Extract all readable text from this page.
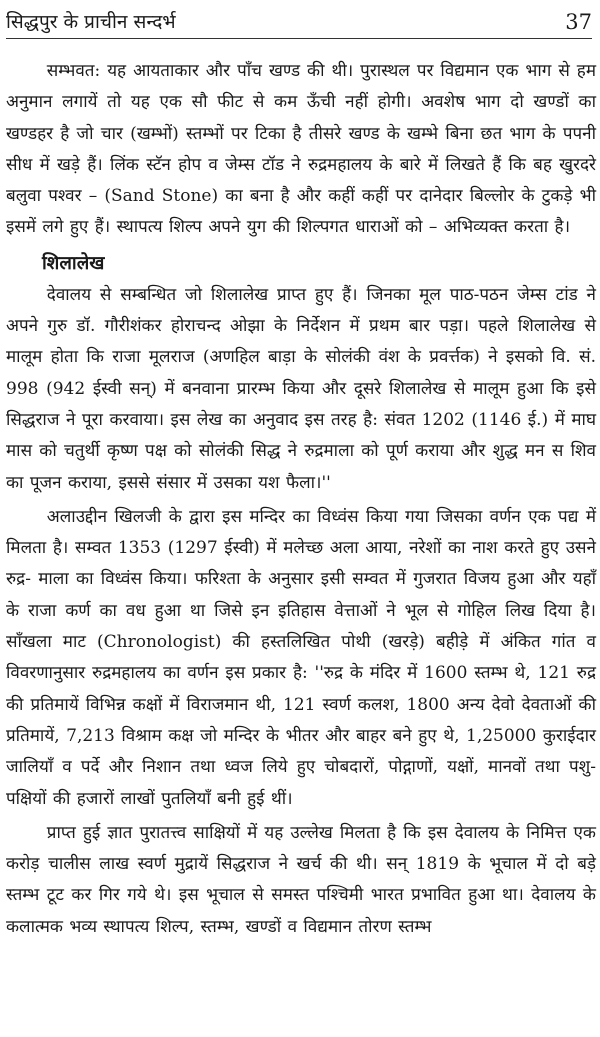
सिद्धपुर के प्राचीन सन्दर्भ	37

सम्भवत: यह आयताकार और पाँच खण्ड की थी। पुरास्थल पर विद्यमान एक भाग से हम अनुमान लगायें तो यह एक सौ फीट से कम ऊँची नहीं होगी। अवशेष भाग दो खण्डों का खण्डहर है जो चार (खम्भों) स्तम्भों पर टिका है तीसरे खण्ड के खम्भे बिना छत भाग के पपनी सीध में खड़े हैं। लिंक स्टॅन होप व जेम्स टॉड ने रुद्रमहालय के बारे में लिखते हैं कि बह खुरदरे बलुवा पश्वर – (Sand Stone) का बना है और कहीं कहीं पर दानेदार बिल्लोर के टुकड़े भी इसमें लगे हुए हैं। स्थापत्य शिल्प अपने युग की शिल्पगत धाराओं को – अभिव्यक्त करता है।

शिलालेख

देवालय से सम्बन्धित जो शिलालेख प्राप्त हुए हैं। जिनका मूल पाठ-पठन जेम्स टांड ने अपने गुरु डॉ. गौरीशंकर होराचन्द ओझा के निर्देशन में प्रथम बार पड़ा। पहले शिलालेख से मालूम होता कि राजा मूलराज (अणहिल बाड़ा के सोलंकी वंश के प्रवर्त्तक) ने इसको वि. सं. 998 (942 ईस्वी सन्) में बनवाना प्रारम्भ किया और दूसरे शिलालेख से मालूम हुआ कि इसे सिद्धराज ने पूरा करवाया। इस लेख का अनुवाद इस तरह है: संवत 1202 (1146 ई.) में माघ मास को चतुर्थी कृष्ण पक्ष को सोलंकी सिद्ध ने रुद्रमाला को पूर्ण कराया और शुद्ध मन स शिव का पूजन कराया, इससे संसार में उसका यश फैला।''

अलाउद्दीन खिलजी के द्वारा इस मन्दिर का विध्वंस किया गया जिसका वर्णन एक पद्य में मिलता है। सम्वत 1353 (1297 ईस्वी) में मलेच्छ अला आया, नरेशों का नाश करते हुए उसने रुद्र- माला का विध्वंस किया। फरिश्ता के अनुसार इसी सम्वत में गुजरात विजय हुआ और यहाँ के राजा कर्ण का वध हुआ था जिसे इन इतिहास वेत्ताओं ने भूल से गोहिल लिख दिया है। साँखला माट (Chronologist) की हस्तलिखित पोथी (खरड़े) बहीड़े में अंकित गांत व विवरणानुसार रुद्रमहालय का वर्णन इस प्रकार है: ''रुद्र के मंदिर में 1600 स्तम्भ थे, 121 रुद्र की प्रतिमायें विभिन्न कक्षों में विराजमान थी, 121 स्वर्ण कलश, 1800 अन्य देवो देवताओं की प्रतिमायें, 7,213 विश्राम कक्ष जो मन्दिर के भीतर और बाहर बने हुए थे, 1,25000 कुराईदार जालियाँ व पर्दे और निशान तथा ध्वज लिये हुए चोबदारों, पोद्गाणों, यक्षों, मानवों तथा पशु-पक्षियों की हजारों लाखों पुतलियाँ बनी हुई थीं।

प्राप्त हुई ज्ञात पुरातत्त्व साक्षियों में यह उल्लेख मिलता है कि इस देवालय के निमित्त एक करोड़ चालीस लाख स्वर्ण मुद्रायें सिद्धराज ने खर्च की थी। सन् 1819 के भूचाल में दो बड़े स्तम्भ टूट कर गिर गये थे। इस भूचाल से समस्त पश्चिमी भारत प्रभावित हुआ था। देवालय के कलात्मक भव्य स्थापत्य शिल्प, स्तम्भ, खण्डों व विद्यमान तोरण स्तम्भ
